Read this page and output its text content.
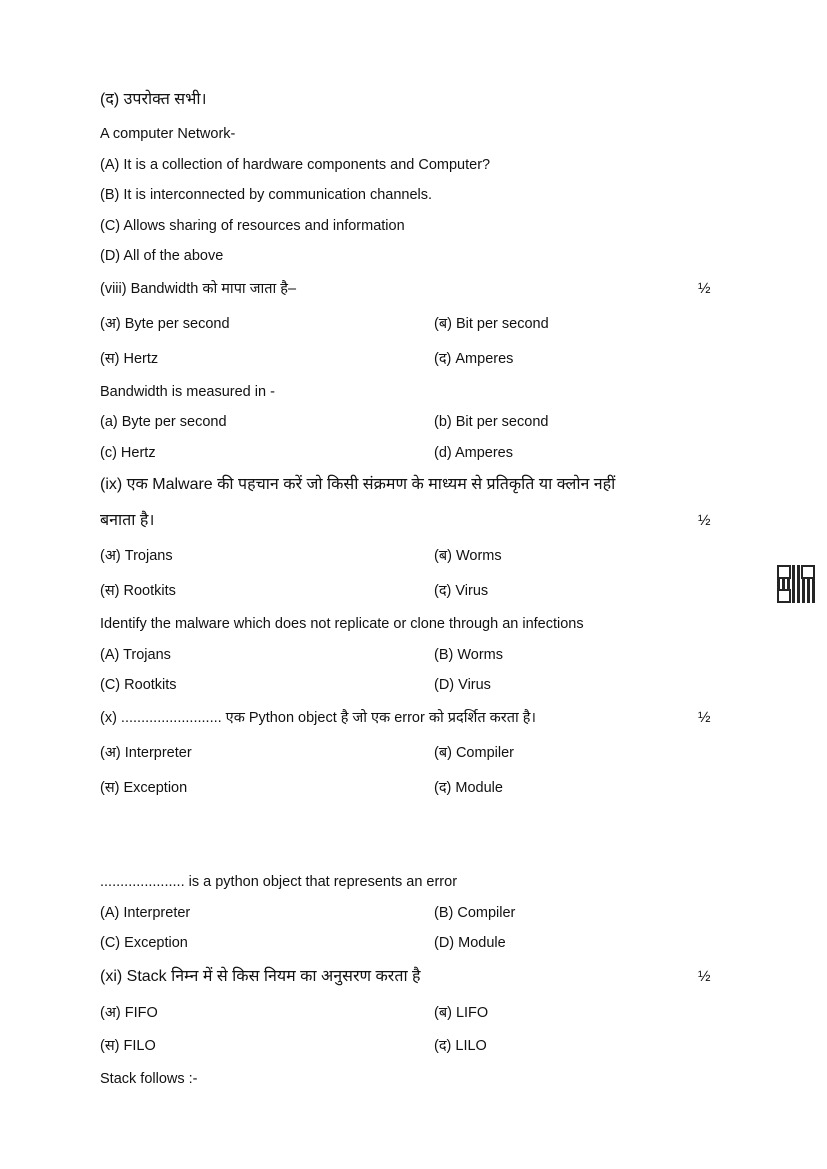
(द) उपरोक्त सभी।
A computer Network-
(A) It is a collection of hardware components and Computer?
(B) It is interconnected by communication channels.
(C) Allows sharing of resources and information
(D) All of the above
(viii) Bandwidth को मापा जाता है–	½
(अ) Byte per second	(ब) Bit per second
(स) Hertz	(द) Amperes
Bandwidth is measured in -
(a) Byte per second	(b) Bit per second
(c) Hertz	(d) Amperes
(ix) एक Malware की पहचान करें जो किसी संक्रमण के माध्यम से प्रतिकृति या क्लोन नहीं
बनाता है।	½
(अ) Trojans	(ब) Worms
(स) Rootkits	(द) Virus
Identify the malware which does not replicate or clone through an infections
(A) Trojans	(B) Worms
(C) Rootkits	(D) Virus
(x) ......................... एक Python object है जो एक error को प्रदर्शित करता है।	½
(अ) Interpreter	(ब) Compiler
(स) Exception	(द) Module
..................... is a python object that represents an error
(A) Interpreter	(B) Compiler
(C) Exception	(D) Module
(xi) Stack निम्न में से किस नियम का अनुसरण करता है	½
(अ) FIFO	(ब) LIFO
(स) FILO	(द) LILO
Stack follows :-
